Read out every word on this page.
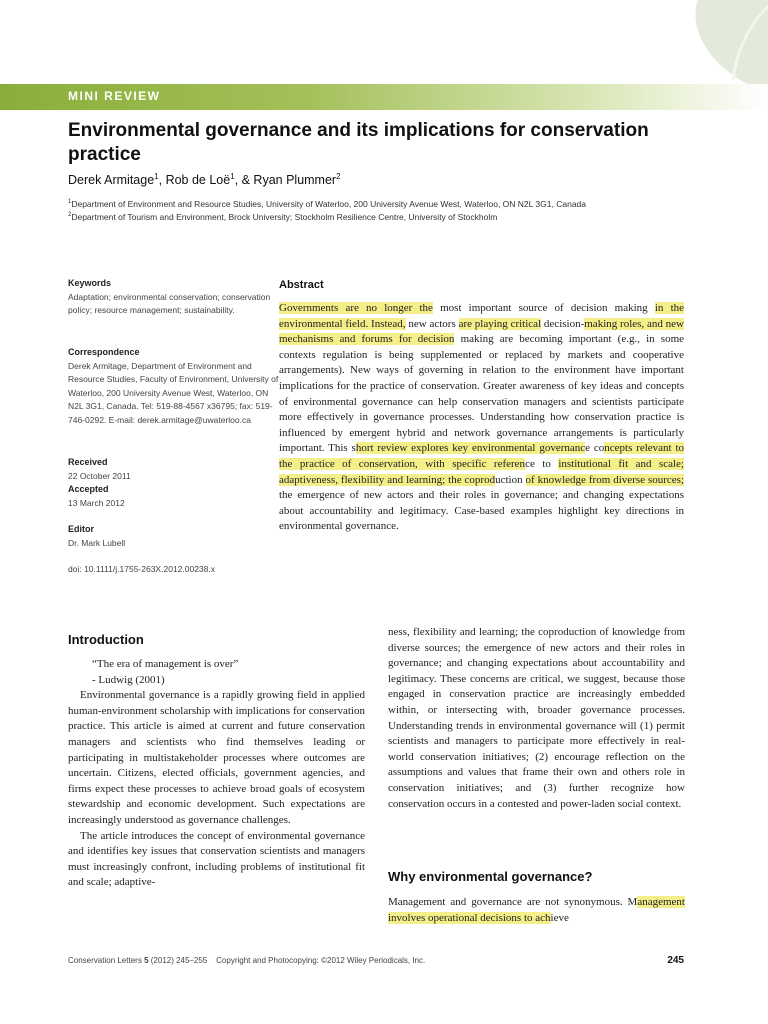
MINI REVIEW
Environmental governance and its implications for conservation practice
Derek Armitage$^1$, Rob de Loë$^1$, & Ryan Plummer$^2$
$^1$Department of Environment and Resource Studies, University of Waterloo, 200 University Avenue West, Waterloo, ON N2L 3G1, Canada
$^2$Department of Tourism and Environment, Brock University; Stockholm Resilience Centre, University of Stockholm
Keywords
Adaptation; environmental conservation; conservation policy; resource management; sustainability.
Correspondence
Derek Armitage, Department of Environment and Resource Studies, Faculty of Environment, University of Waterloo, 200 University Avenue West, Waterloo, ON N2L 3G1, Canada. Tel: 519-88-4567 x36795; fax: 519-746-0292. E-mail: derek.armitage@uwaterloo.ca
Received
22 October 2011
Accepted
13 March 2012
Editor
Dr. Mark Lubell
doi: 10.1111/j.1755-263X.2012.00238.x
Abstract
Governments are no longer the most important source of decision making in the environmental field. Instead, new actors are playing critical decision-making roles, and new mechanisms and forums for decision making are becoming important (e.g., in some contexts regulation is being supplemented or replaced by markets and cooperative arrangements). New ways of governing in relation to the environment have important implications for the practice of conservation. Greater awareness of key ideas and concepts of environmental governance can help conservation managers and scientists participate more effectively in governance processes. Understanding how conservation practice is influenced by emergent hybrid and network governance arrangements is particularly important. This short review explores key environmental governance concepts relevant to the practice of conservation, with specific reference to institutional fit and scale; adaptiveness, flexibility and learning; the coproduction of knowledge from diverse sources; the emergence of new actors and their roles in governance; and changing expectations about accountability and legitimacy. Case-based examples highlight key directions in environmental governance.
Introduction

“The era of management is over”

- Ludwig (2001)

Environmental governance is a rapidly growing field in applied human-environment scholarship with implications for conservation practice. This article is aimed at current and future conservation managers and scientists who find themselves leading or participating in multistakeholder processes where outcomes are uncertain. Citizens, elected officials, government agencies, and firms expect these processes to achieve broad goals of ecosystem stewardship and economic development. Such expectations are increasingly understood as governance challenges.

The article introduces the concept of environmental governance and identifies key issues that conservation scientists and managers must increasingly confront, including problems of institutional fit and scale; adaptive-

ness, flexibility and learning; the coproduction of knowledge from diverse sources; the emergence of new actors and their roles in governance; and changing expectations about accountability and legitimacy. These concerns are critical, we suggest, because those engaged in conservation practice are increasingly embedded within, or intersecting with, broader governance processes. Understanding trends in environmental governance will (1) permit scientists and managers to participate more effectively in real-world conservation initiatives; (2) encourage reflection on the assumptions and values that frame their own and others role in conservation initiatives; and (3) further recognize how conservation occurs in a contested and power-laden social context.

Why environmental governance?

Management and governance are not synonymous. Management involves operational decisions to achieve

Conservation Letters 5 (2012) 245–255 Copyright and Photocopying: ©2012 Wiley Periodicals, Inc.	245
